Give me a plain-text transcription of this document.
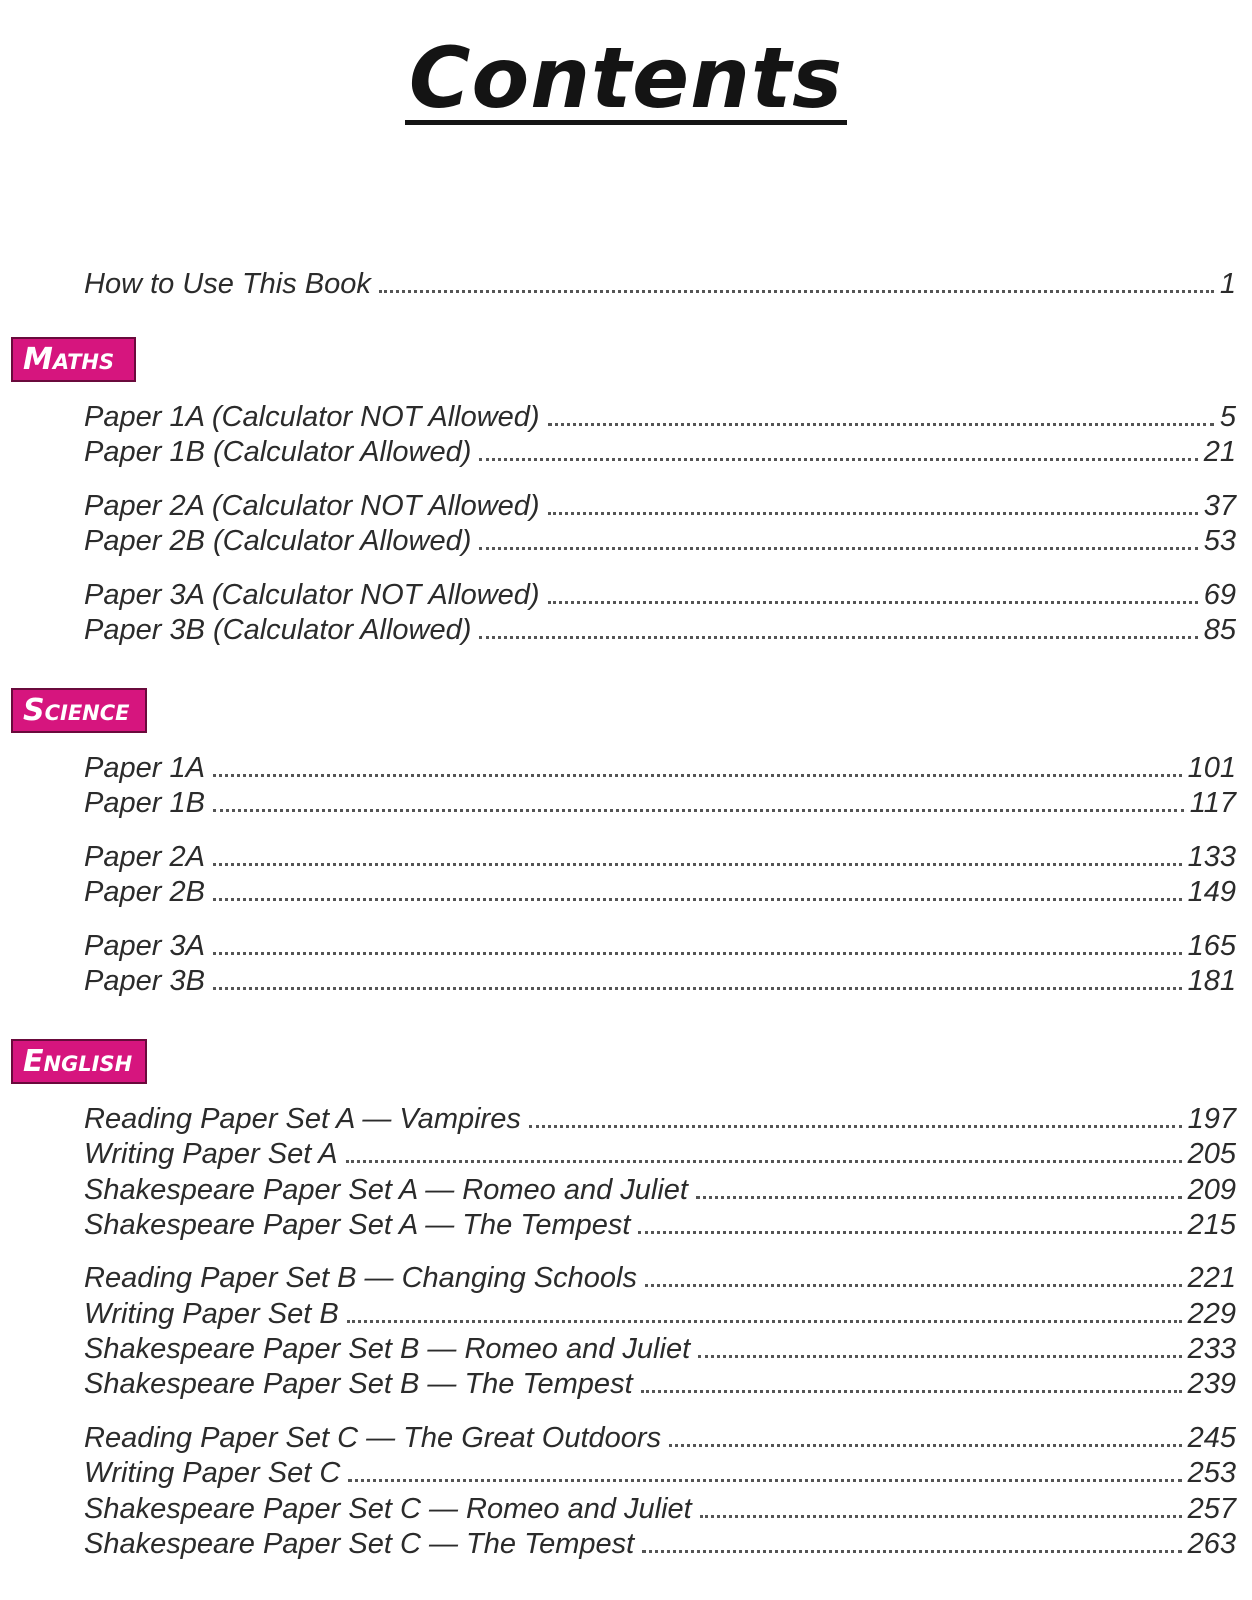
Contents
How to Use This Book	1
Maths
Paper 1A (Calculator NOT Allowed)	5
Paper 1B (Calculator Allowed)	21
Paper 2A (Calculator NOT Allowed)	37
Paper 2B (Calculator Allowed)	53
Paper 3A (Calculator NOT Allowed)	69
Paper 3B (Calculator Allowed)	85
Science
Paper 1A	101
Paper 1B	117
Paper 2A	133
Paper 2B	149
Paper 3A	165
Paper 3B	181
English
Reading Paper Set A — Vampires	197
Writing Paper Set A	205
Shakespeare Paper Set A — Romeo and Juliet	209
Shakespeare Paper Set A — The Tempest	215
Reading Paper Set B — Changing Schools	221
Writing Paper Set B	229
Shakespeare Paper Set B — Romeo and Juliet	233
Shakespeare Paper Set B — The Tempest	239
Reading Paper Set C — The Great Outdoors	245
Writing Paper Set C	253
Shakespeare Paper Set C — Romeo and Juliet	257
Shakespeare Paper Set C — The Tempest	263
